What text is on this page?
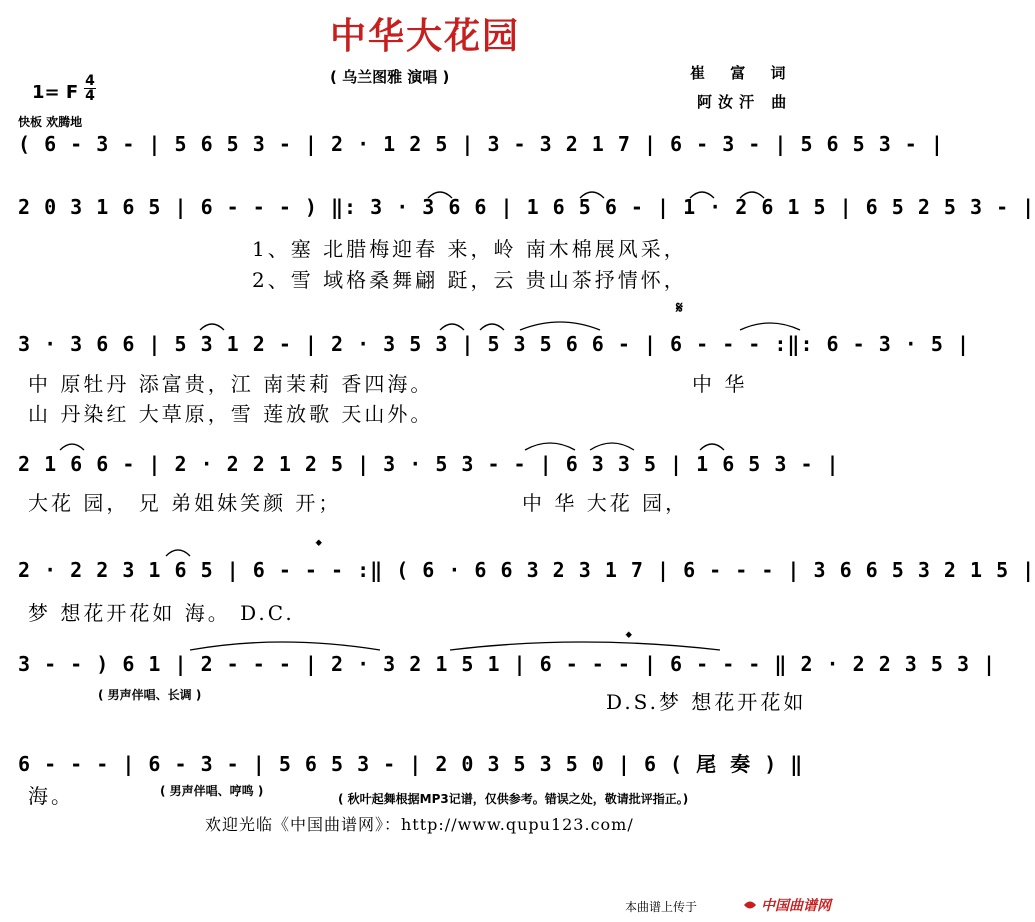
中华大花园
( 乌兰图雅 演唱 )	崔 富 词
阿汝汗 曲
1= F
4
4
快板 欢腾地
( 6 - 3 - | 5 6 5 3 - | 2 · 1 2 5 | 3 - 3 2 1 7 | 6 - 3 - | 5 6 5 3 - |
2 0 3 1 6 5 | 6 - - - ) ‖: 3 · 3 6 6 | 1 6 5 6 - | 1 · 2 6 1 5 | 6 5 2 5 3 - |
1、塞 北腊梅迎春 来，岭 南木棉展风采，
2、雪 域格桑舞翩 跹，云 贵山茶抒情怀，
3 · 3 6 6 | 5 3 1 2 - | 2 · 3 5 3 | 5 3 5 6 6 - | 6 - - - :‖: 6 - 3 · 5 |
𝄋
中 原牡丹 添富贵，江 南茉莉 香四海。	中 华
山 丹染红 大草原，雪 莲放歌 天山外。
2 1 6 6 - | 2 · 2 2 1 2 5 | 3 · 5 3 - - | 6 3 3 5 | 1 6 5 3 - |
大花 园， 兄 弟姐妹笑颜 开；	中 华 大花 园，
𝄌
2 · 2 2 3 1 6 5 | 6 - - - :‖ ( 6 · 6 6 3 2 3 1 7 | 6 - - - | 3 6 6 5 3 2 1 5 |
梦 想花开花如 海。 D.C.
𝄌
3 - - ) 6 1 | 2 - - - | 2 · 3 2 1 5 1 | 6 - - - | 6 - - - ‖ 2 · 2 2 3 5 3 |
( 男声伴唱、长调 )	D.S.梦 想花开花如
6 - - - | 6 - 3 - | 5 6 5 3 - | 2 0 3 5 3 5 0 | 6 ( 尾 奏 ) ‖
海。	( 男声伴唱、哼鸣 )
( 秋叶起舞根据MP3记谱，仅供参考。错误之处，敬请批评指正。)
欢迎光临《中国曲谱网》：http://www.qupu123.com/
本曲谱上传于	中国曲谱网
